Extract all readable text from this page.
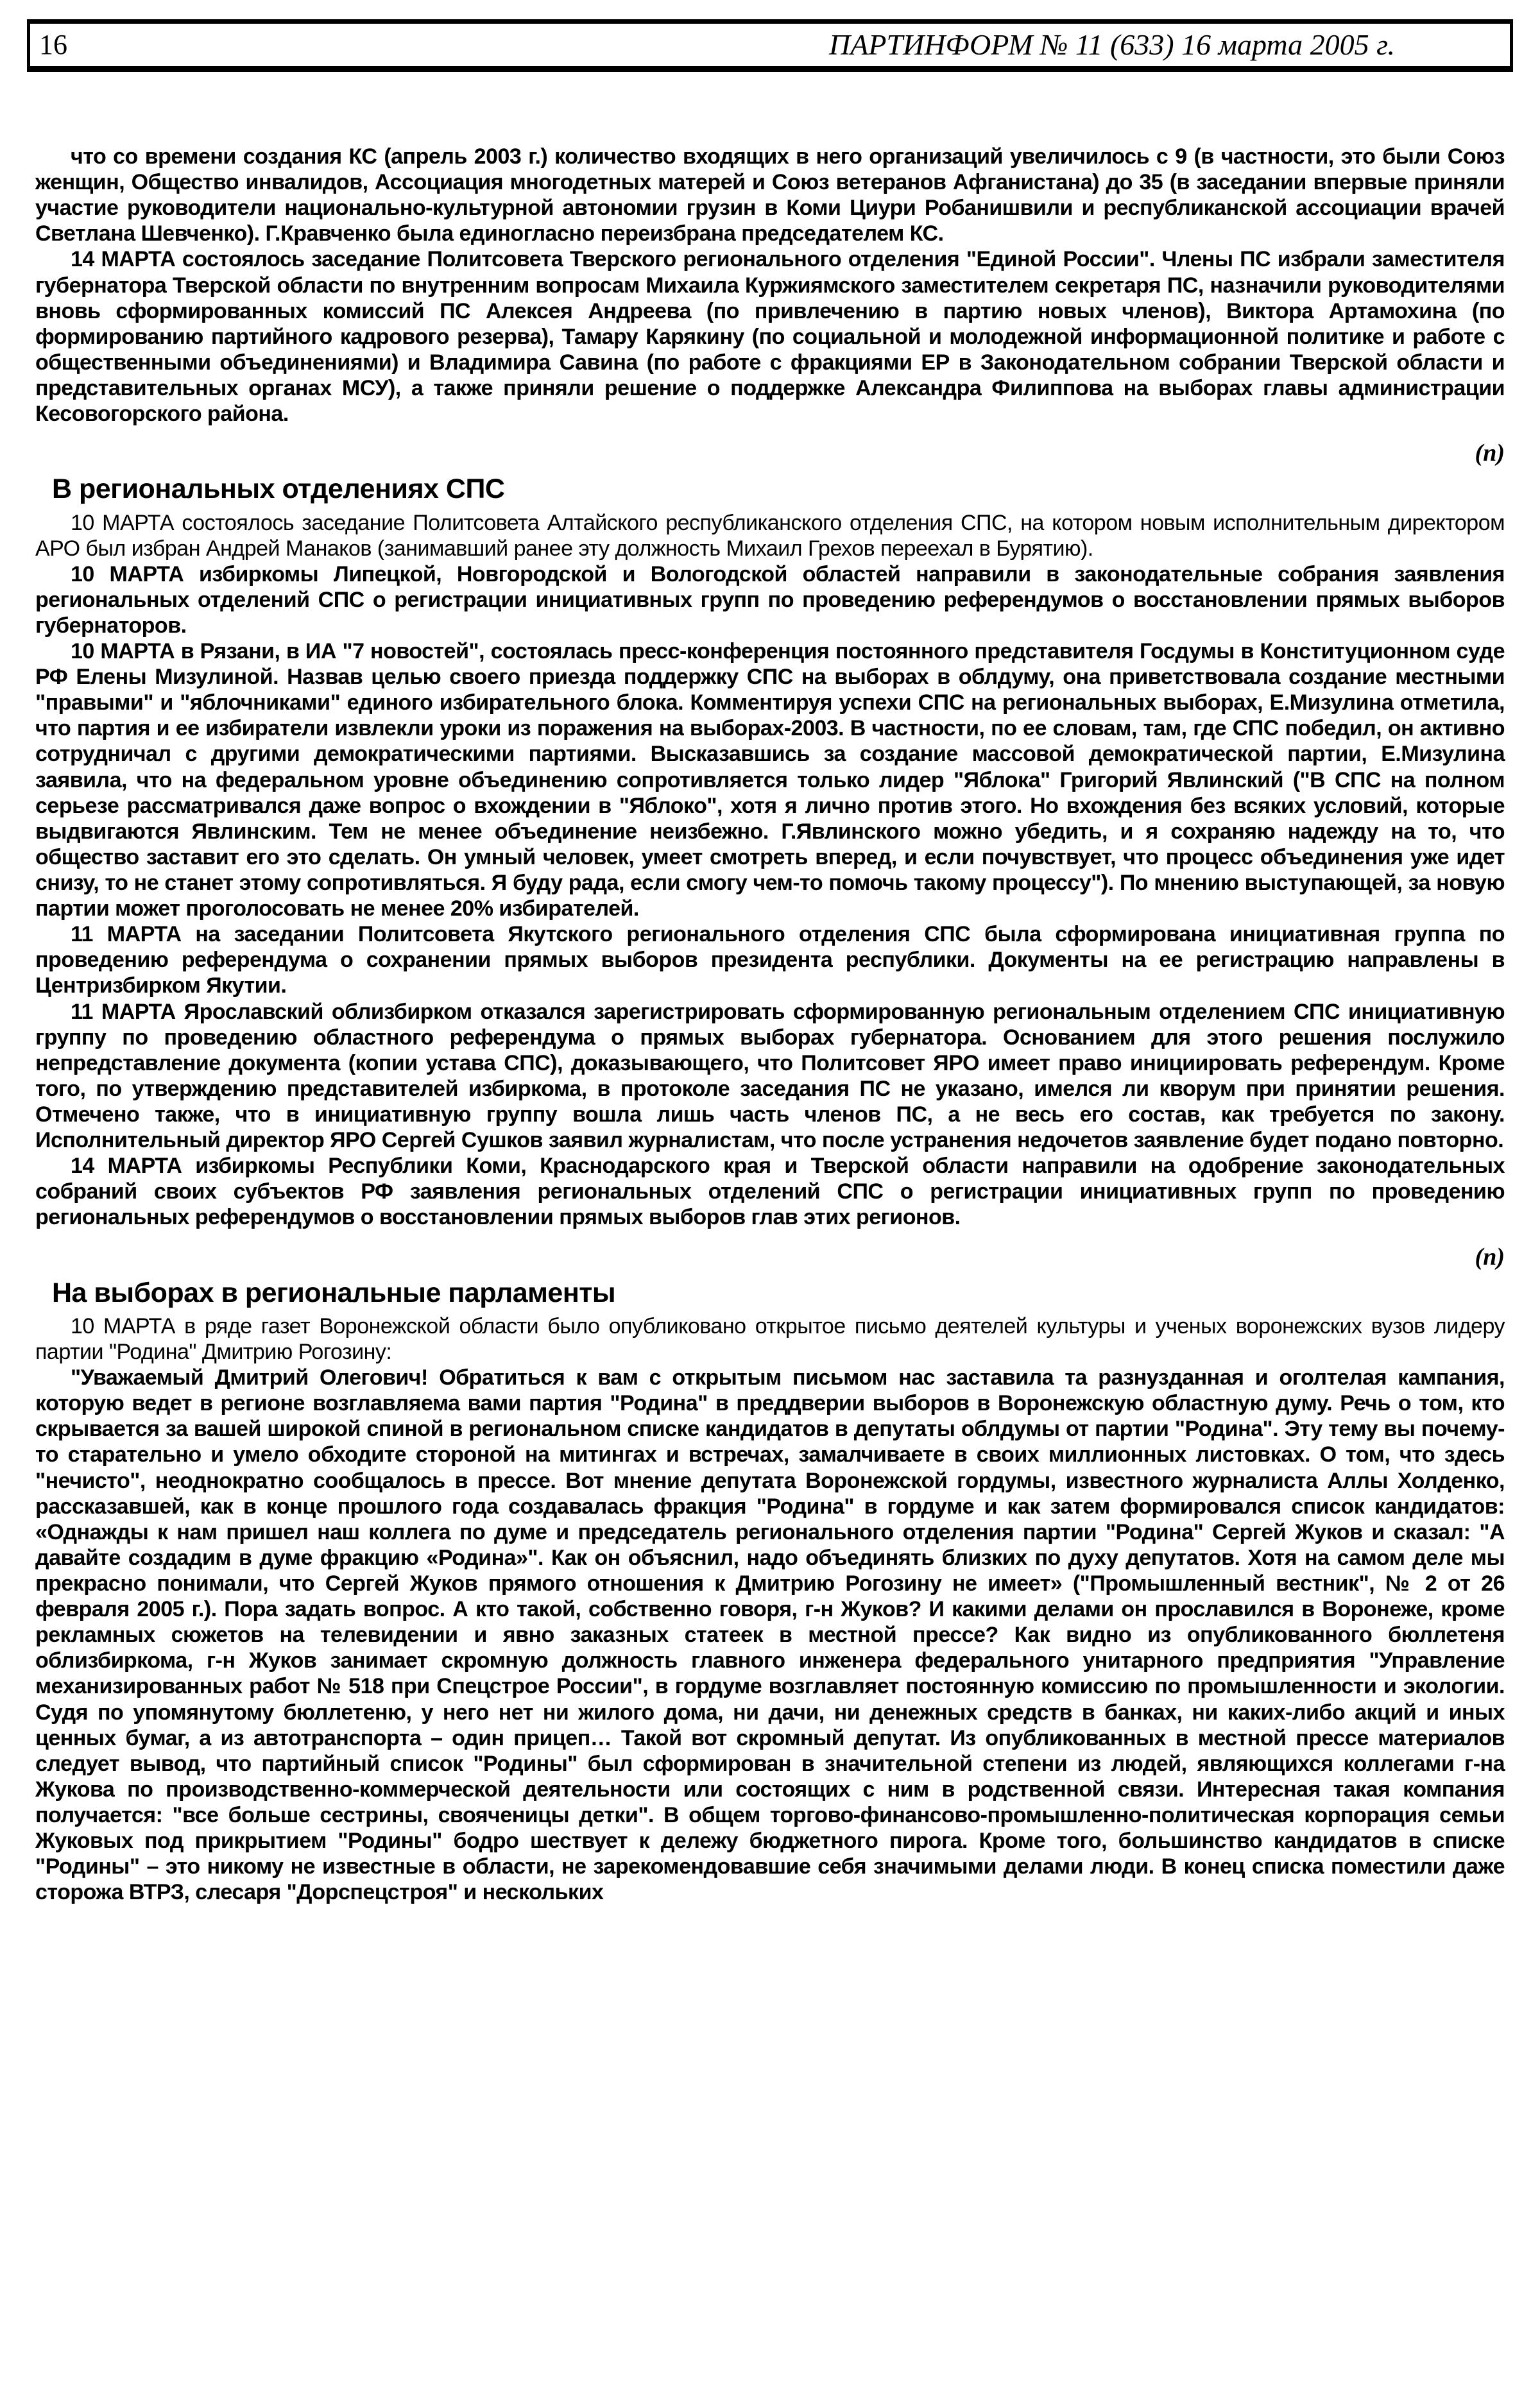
16	ПАРТИНФОРМ № 11 (633) 16 марта 2005 г.

что со времени создания КС (апрель 2003 г.) количество входящих в него организаций увеличилось с 9 (в частности, это были Союз женщин, Общество инвалидов, Ассоциация многодетных матерей и Союз ветеранов Афганистана) до 35 (в заседании впервые приняли участие руководители национально-культурной автономии грузин в Коми Циури Робанишвили и республиканской ассоциации врачей Светлана Шевченко). Г.Кравченко была единогласно переизбрана председателем КС.

14 МАРТА состоялось заседание Политсовета Тверского регионального отделения "Единой России". Члены ПС избрали заместителя губернатора Тверской области по внутренним вопросам Михаила Куржиямского заместителем секретаря ПС, назначили руководителями вновь сформированных комиссий ПС Алексея Андреева (по привлечению в партию новых членов), Виктора Артамохина (по формированию партийного кадрового резерва), Тамару Карякину (по социальной и молодежной информационной политике и работе с общественными объединениями) и Владимира Савина (по работе с фракциями ЕР в Законодательном собрании Тверской области и представительных органах МСУ), а также приняли решение о поддержке Александра Филиппова на выборах главы администрации Кесовогорского района.

(п)
В региональных отделениях СПС

10 МАРТА состоялось заседание Политсовета Алтайского республиканского отделения СПС, на котором новым исполнительным директором АРО был избран Андрей Манаков (занимавший ранее эту должность Михаил Грехов переехал в Бурятию).

10 МАРТА избиркомы Липецкой, Новгородской и Вологодской областей направили в законодательные собрания заявления региональных отделений СПС о регистрации инициативных групп по проведению референдумов о восстановлении прямых выборов губернаторов.

10 МАРТА в Рязани, в ИА "7 новостей", состоялась пресс-конференция постоянного представителя Госдумы в Конституционном суде РФ Елены Мизулиной. Назвав целью своего приезда поддержку СПС на выборах в облдуму, она приветствовала создание местными "правыми" и "яблочниками" единого избирательного блока. Комментируя успехи СПС на региональных выборах, Е.Мизулина отметила, что партия и ее избиратели извлекли уроки из поражения на выборах-2003. В частности, по ее словам, там, где СПС победил, он активно сотрудничал с другими демократическими партиями. Высказавшись за создание массовой демократической партии, Е.Мизулина заявила, что на федеральном уровне объединению сопротивляется только лидер "Яблока" Григорий Явлинский ("В СПС на полном серьезе рассматривался даже вопрос о вхождении в "Яблоко", хотя я лично против этого. Но вхождения без всяких условий, которые выдвигаются Явлинским. Тем не менее объединение неизбежно. Г.Явлинского можно убедить, и я сохраняю надежду на то, что общество заставит его это сделать. Он умный человек, умеет смотреть вперед, и если почувствует, что процесс объединения уже идет снизу, то не станет этому сопротивляться. Я буду рада, если смогу чем-то помочь такому процессу"). По мнению выступающей, за новую партии может проголосовать не менее 20% избирателей.

11 МАРТА на заседании Политсовета Якутского регионального отделения СПС была сформирована инициативная группа по проведению референдума о сохранении прямых выборов президента республики. Документы на ее регистрацию направлены в Центризбирком Якутии.

11 МАРТА Ярославский облизбирком отказался зарегистрировать сформированную региональным отделением СПС инициативную группу по проведению областного референдума о прямых выборах губернатора. Основанием для этого решения послужило непредставление документа (копии устава СПС), доказывающего, что Политсовет ЯРО имеет право инициировать референдум. Кроме того, по утверждению представителей избиркома, в протоколе заседания ПС не указано, имелся ли кворум при принятии решения. Отмечено также, что в инициативную группу вошла лишь часть членов ПС, а не весь его состав, как требуется по закону. Исполнительный директор ЯРО Сергей Сушков заявил журналистам, что после устранения недочетов заявление будет подано повторно.

14 МАРТА избиркомы Республики Коми, Краснодарского края и Тверской области направили на одобрение законодательных собраний своих субъектов РФ заявления региональных отделений СПС о регистрации инициативных групп по проведению региональных референдумов о восстановлении прямых выборов глав этих регионов.

(п)
На выборах в региональные парламенты

10 МАРТА в ряде газет Воронежской области было опубликовано открытое письмо деятелей культуры и ученых воронежских вузов лидеру партии "Родина" Дмитрию Рогозину:

"Уважаемый Дмитрий Олегович! Обратиться к вам с открытым письмом нас заставила та разнузданная и оголтелая кампания, которую ведет в регионе возглавляема вами партия "Родина" в преддверии выборов в Воронежскую областную думу. Речь о том, кто скрывается за вашей широкой спиной в региональном списке кандидатов в депутаты облдумы от партии "Родина". Эту тему вы почему-то старательно и умело обходите стороной на митингах и встречах, замалчиваете в своих миллионных листовках. О том, что здесь "нечисто", неоднократно сообщалось в прессе. Вот мнение депутата Воронежской гордумы, известного журналиста Аллы Холденко, рассказавшей, как в конце прошлого года создавалась фракция "Родина" в гордуме и как затем формировался список кандидатов: «Однажды к нам пришел наш коллега по думе и председатель регионального отделения партии "Родина" Сергей Жуков и сказал: "А давайте создадим в думе фракцию «Родина»". Как он объяснил, надо объединять близких по духу депутатов. Хотя на самом деле мы прекрасно понимали, что Сергей Жуков прямого отношения к Дмитрию Рогозину не имеет» ("Промышленный вестник", № 2 от 26 февраля 2005 г.). Пора задать вопрос. А кто такой, собственно говоря, г-н Жуков? И какими делами он прославился в Воронеже, кроме рекламных сюжетов на телевидении и явно заказных статеек в местной прессе? Как видно из опубликованного бюллетеня облизбиркома, г-н Жуков занимает скромную должность главного инженера федерального унитарного предприятия "Управление механизированных работ № 518 при Спецстрое России", в гордуме возглавляет постоянную комиссию по промышленности и экологии. Судя по упомянутому бюллетеню, у него нет ни жилого дома, ни дачи, ни денежных средств в банках, ни каких-либо акций и иных ценных бумаг, а из автотранспорта – один прицеп… Такой вот скромный депутат. Из опубликованных в местной прессе материалов следует вывод, что партийный список "Родины" был сформирован в значительной степени из людей, являющихся коллегами г-на Жукова по производственно-коммерческой деятельности или состоящих с ним в родственной связи. Интересная такая компания получается: "все больше сестрины, свояченицы детки". В общем торгово-финансово-промышленно-политическая корпорация семьи Жуковых под прикрытием "Родины" бодро шествует к дележу бюджетного пирога. Кроме того, большинство кандидатов в списке "Родины" – это никому не известные в области, не зарекомендовавшие себя значимыми делами люди. В конец списка поместили даже сторожа ВТРЗ, слесаря "Дорспецстроя" и нескольких
